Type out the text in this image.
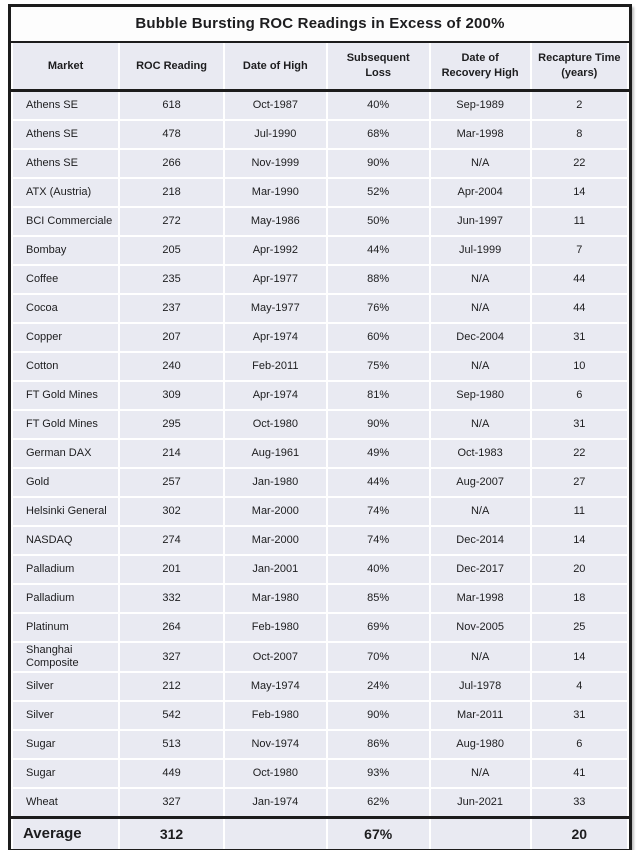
Bubble Bursting ROC Readings in Excess of 200%
Market	ROC Reading	Date of High	Subsequent Loss	Date of Recovery High	Recapture Time (years)
Athens SE	618	Oct-1987	40%	Sep-1989	2
Athens SE	478	Jul-1990	68%	Mar-1998	8
Athens SE	266	Nov-1999	90%	N/A	22
ATX (Austria)	218	Mar-1990	52%	Apr-2004	14
BCI Commerciale	272	May-1986	50%	Jun-1997	11
Bombay	205	Apr-1992	44%	Jul-1999	7
Coffee	235	Apr-1977	88%	N/A	44
Cocoa	237	May-1977	76%	N/A	44
Copper	207	Apr-1974	60%	Dec-2004	31
Cotton	240	Feb-2011	75%	N/A	10
FT Gold Mines	309	Apr-1974	81%	Sep-1980	6
FT Gold Mines	295	Oct-1980	90%	N/A	31
German DAX	214	Aug-1961	49%	Oct-1983	22
Gold	257	Jan-1980	44%	Aug-2007	27
Helsinki General	302	Mar-2000	74%	N/A	11
NASDAQ	274	Mar-2000	74%	Dec-2014	14
Palladium	201	Jan-2001	40%	Dec-2017	20
Palladium	332	Mar-1980	85%	Mar-1998	18
Platinum	264	Feb-1980	69%	Nov-2005	25
Shanghai Composite	327	Oct-2007	70%	N/A	14
Silver	212	May-1974	24%	Jul-1978	4
Silver	542	Feb-1980	90%	Mar-2011	31
Sugar	513	Nov-1974	86%	Aug-1980	6
Sugar	449	Oct-1980	93%	N/A	41
Wheat	327	Jan-1974	62%	Jun-2021	33
Average	312		67%		20
